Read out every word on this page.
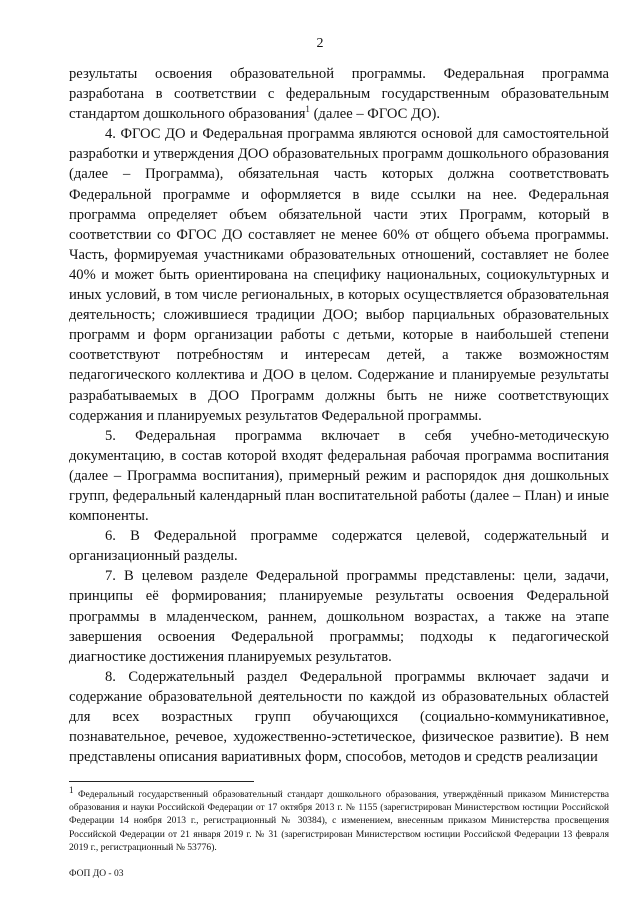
2

результаты освоения образовательной программы. Федеральная программа разработана в соответствии с федеральным государственным образовательным стандартом дошкольного образования$^1$ (далее – ФГОС ДО).

4. ФГОС ДО и Федеральная программа являются основой для самостоятельной разработки и утверждения ДОО образовательных программ дошкольного образования (далее – Программа), обязательная часть которых должна соответствовать Федеральной программе и оформляется в виде ссылки на нее. Федеральная программа определяет объем обязательной части этих Программ, который в соответствии со ФГОС ДО составляет не менее 60% от общего объема программы. Часть, формируемая участниками образовательных отношений, составляет не более 40% и может быть ориентирована на специфику национальных, социокультурных и иных условий, в том числе региональных, в которых осуществляется образовательная деятельность; сложившиеся традиции ДОО; выбор парциальных образовательных программ и форм организации работы с детьми, которые в наибольшей степени соответствуют потребностям и интересам детей, а также возможностям педагогического коллектива и ДОО в целом. Содержание и планируемые результаты разрабатываемых в ДОО Программ должны быть не ниже соответствующих содержания и планируемых результатов Федеральной программы.

5. Федеральная программа включает в себя учебно-методическую документацию, в состав которой входят федеральная рабочая программа воспитания (далее – Программа воспитания), примерный режим и распорядок дня дошкольных групп, федеральный календарный план воспитательной работы (далее – План) и иные компоненты.

6. В Федеральной программе содержатся целевой, содержательный и организационный разделы.

7. В целевом разделе Федеральной программы представлены: цели, задачи, принципы её формирования; планируемые результаты освоения Федеральной программы в младенческом, раннем, дошкольном возрастах, а также на этапе завершения освоения Федеральной программы; подходы к педагогической диагностике достижения планируемых результатов.

8. Содержательный раздел Федеральной программы включает задачи и содержание образовательной деятельности по каждой из образовательных областей для всех возрастных групп обучающихся (социально-коммуникативное, познавательное, речевое, художественно-эстетическое, физическое развитие). В нем представлены описания вариативных форм, способов, методов и средств реализации

$^1$ Федеральный государственный образовательный стандарт дошкольного образования, утверждённый приказом Министерства образования и науки Российской Федерации от 17 октября 2013 г. № 1155 (зарегистрирован Министерством юстиции Российской Федерации 14 ноября 2013 г., регистрационный № 30384), с изменением, внесенным приказом Министерства просвещения Российской Федерации от 21 января 2019 г. № 31 (зарегистрирован Министерством юстиции Российской Федерации 13 февраля 2019 г., регистрационный № 53776).
ФОП ДО - 03
